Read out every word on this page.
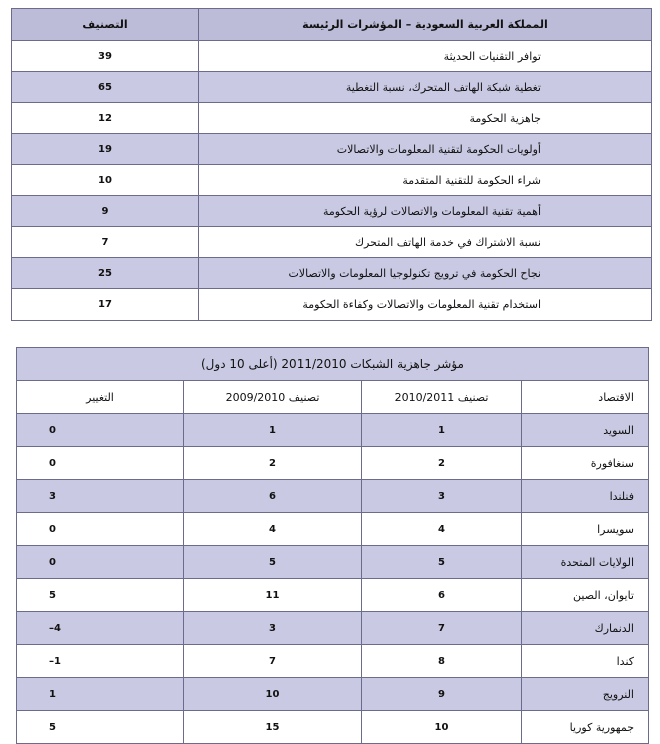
المملكة العربية السعودية – المؤشرات الرئيسة	التصنيف
توافر التقنيات الحديثة	39
تغطية شبكة الهاتف المتحرك، نسبة التغطية	65
جاهزية الحكومة	12
أولويات الحكومة لتقنية المعلومات والاتصالات	19
شراء الحكومة للتقنية المتقدمة	10
أهمية تقنية المعلومات والاتصالات لرؤية الحكومة	9
نسبة الاشتراك في خدمة الهاتف المتحرك	7
نجاح الحكومة في ترويج تكنولوجيا المعلومات والاتصالات	25
استخدام تقنية المعلومات والاتصالات وكفاءة الحكومة	17
مؤشر جاهزية الشبكات 2011/2010 (أعلى 10 دول)			
الاقتصاد	تصنيف 2010/2011	تصنيف 2009/2010	التغيير
السويد	1	1	0
سنغافورة	2	2	0
فنلندا	3	6	3
سويسرا	4	4	0
الولايات المتحدة	5	5	0
تايوان، الصين	6	11	5
الدنمارك	7	3	4–
كندا	8	7	1–
النرويج	9	10	1
جمهورية كوريا	10	15	5
